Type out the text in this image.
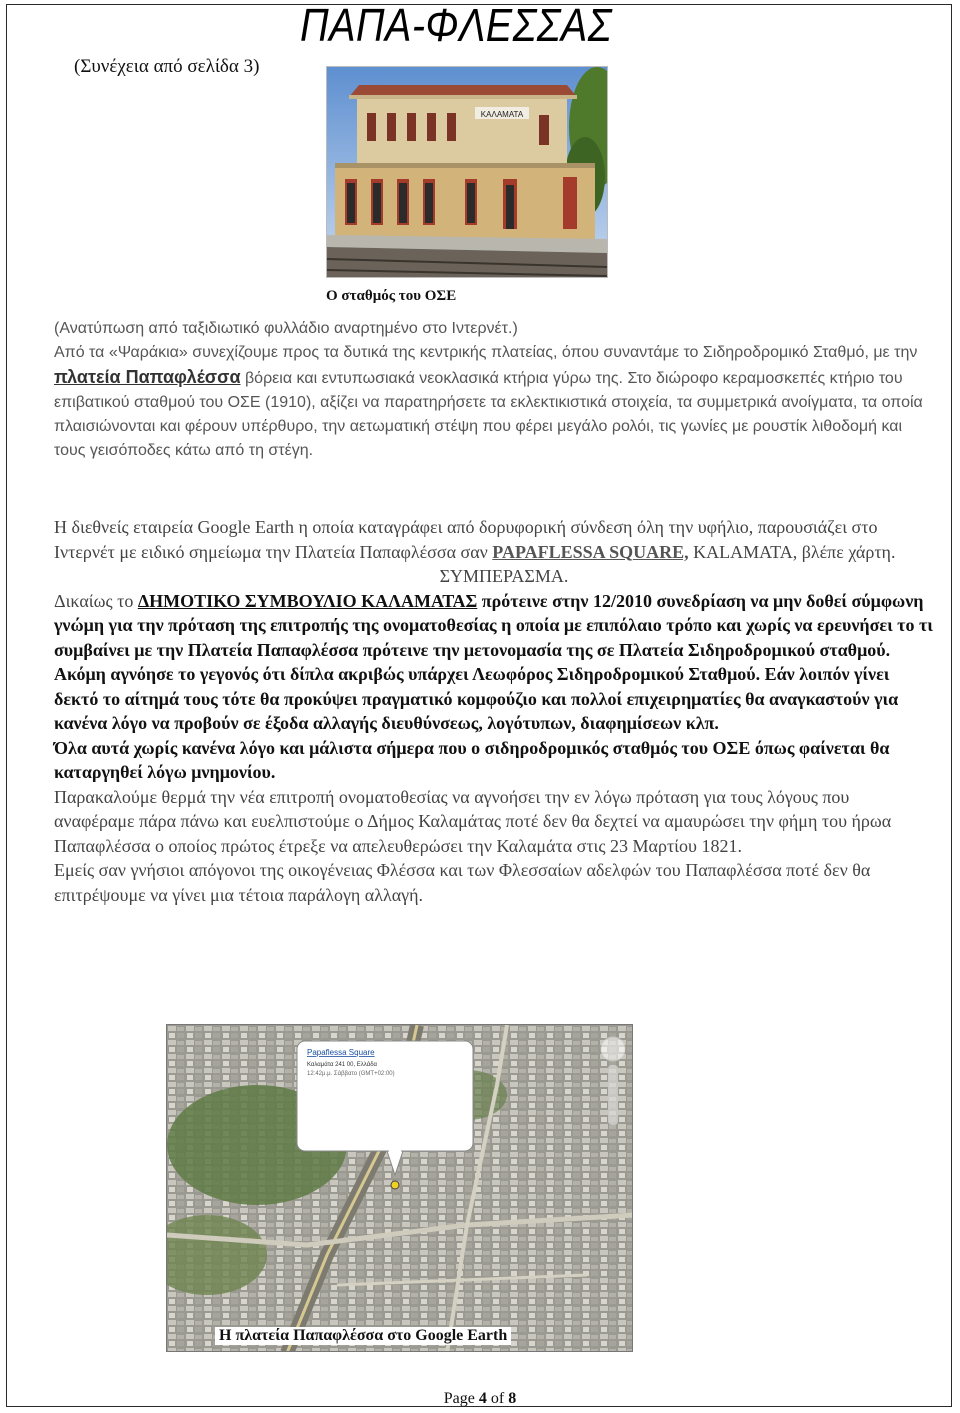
(Συνέχεια από σελίδα 3)
ΠΑΠΑ-ΦΛΕΣΣΑΣ
ΚΑΛΑΜΑΤΑ
Ο σταθμός του ΟΣΕ

(Ανατύπωση από ταξιδιωτικό φυλλάδιο αναρτημένο στο Ιντερνέτ.)

Από τα «Ψαράκια» συνεχίζουμε προς τα δυτικά της κεντρικής πλατείας, όπου συναντάμε το Σιδηροδρομικό Σταθμό, με την πλατεία Παπαφλέσσα βόρεια και εντυπωσιακά νεοκλασικά κτήρια γύρω της. Στο διώροφο κεραμοσκεπές κτήριο του επιβατικού σταθμού του ΟΣΕ (1910), αξίζει να παρατηρήσετε τα εκλεκτικιστικά στοιχεία, τα συμμετρικά ανοίγματα, τα οποία πλαισιώνονται και φέρουν υπέρθυρο, την αετωματική στέψη που φέρει μεγάλο ρολόι, τις γωνίες με ρουστίκ λιθοδομή και τους γεισόποδες κάτω από τη στέγη.

Η διεθνείς εταιρεία Google Earth η οποία καταγράφει από δορυφορική σύνδεση όλη την υφήλιο, παρουσιάζει στο Ιντερνέτ με ειδικό σημείωμα την Πλατεία Παπαφλέσσα σαν PAPAFLESSA SQUARE, KALAMATA, βλέπε χάρτη.

ΣΥΜΠΕΡΑΣΜΑ.

Δικαίως το ΔΗΜΟΤΙΚΟ ΣΥΜΒΟΥΛΙΟ ΚΑΛΑΜΑΤΑΣ πρότεινε στην 12/2010 συνεδρίαση να μην δοθεί σύμφωνη γνώμη για την πρόταση της επιτροπής της ονοματοθεσίας η οποία με επιπόλαιο τρόπο και χωρίς να ερευνήσει το τι συμβαίνει με την Πλατεία Παπαφλέσσα πρότεινε την μετονομασία της σε Πλατεία Σιδηροδρομικού σταθμού. Ακόμη αγνόησε το γεγονός ότι δίπλα ακριβώς υπάρχει Λεωφόρος Σιδηροδρομικού Σταθμού. Εάν λοιπόν γίνει δεκτό το αίτημά τους τότε θα προκύψει πραγματικό κομφούζιο και πολλοί επιχειρηματίες θα αναγκαστούν για κανένα λόγο να προβούν σε έξοδα αλλαγής διευθύνσεως, λογότυπων, διαφημίσεων κλπ.

Όλα αυτά χωρίς κανένα λόγο και μάλιστα σήμερα που ο σιδηροδρομικός σταθμός του ΟΣΕ όπως φαίνεται θα καταργηθεί λόγω μνημονίου.

Παρακαλούμε θερμά την νέα επιτροπή ονοματοθεσίας να αγνοήσει την εν λόγω πρόταση για τους λόγους που αναφέραμε πάρα πάνω και ευελπιστούμε ο Δήμος Καλαμάτας ποτέ δεν θα δεχτεί να αμαυρώσει την φήμη του ήρωα Παπαφλέσσα ο οποίος πρώτος έτρεξε να απελευθερώσει την Καλαμάτα στις 23 Μαρτίου 1821.

Εμείς σαν γνήσιοι απόγονοι της οικογένειας Φλέσσα και των Φλεσσαίων αδελφών του Παπαφλέσσα ποτέ δεν θα επιτρέψουμε να γίνει μια τέτοια παράλογη αλλαγή.

Papaflessa Square
Καλαμάτα 241 00, Ελλάδα
12:42μ.μ. Σάββατο (GMT+02:00)
Η πλατεία Παπαφλέσσα στο Google Earth
Page 4 of 8
